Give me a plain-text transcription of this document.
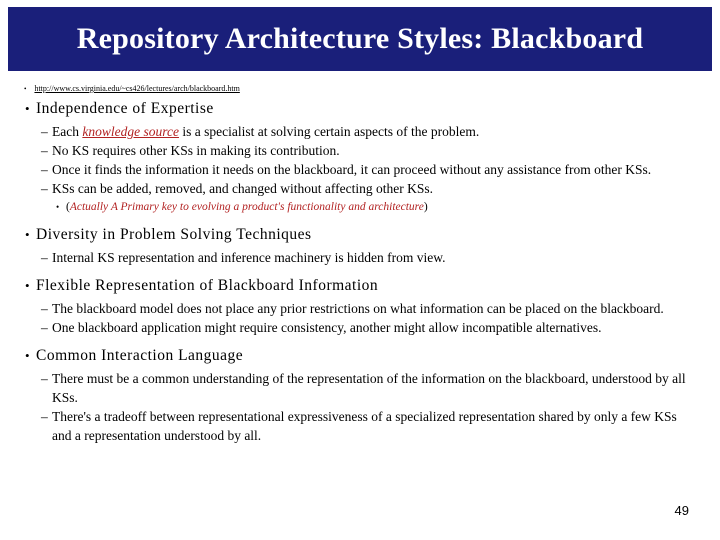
Repository Architecture Styles: Blackboard
• http://www.cs.virginia.edu/~cs426/lectures/arch/blackboard.htm
• Independence of Expertise
– Each knowledge source is a specialist at solving certain aspects of the problem.
– No KS requires other KSs in making its contribution.
– Once it finds the information it needs on the blackboard, it can proceed without any assistance from other KSs.
– KSs can be added, removed, and changed without affecting other KSs.
• (Actually A Primary key to evolving a product's functionality and architecture)
• Diversity in Problem Solving Techniques
– Internal KS representation and inference machinery is hidden from view.
• Flexible Representation of Blackboard Information
– The blackboard model does not place any prior restrictions on what information can be placed on the blackboard.
– One blackboard application might require consistency, another might allow incompatible alternatives.
• Common Interaction Language
– There must be a common understanding of the representation of the information on the blackboard, understood by all KSs.
– There's a tradeoff between representational expressiveness of a specialized representation shared by only a few KSs and a representation understood by all.
49
